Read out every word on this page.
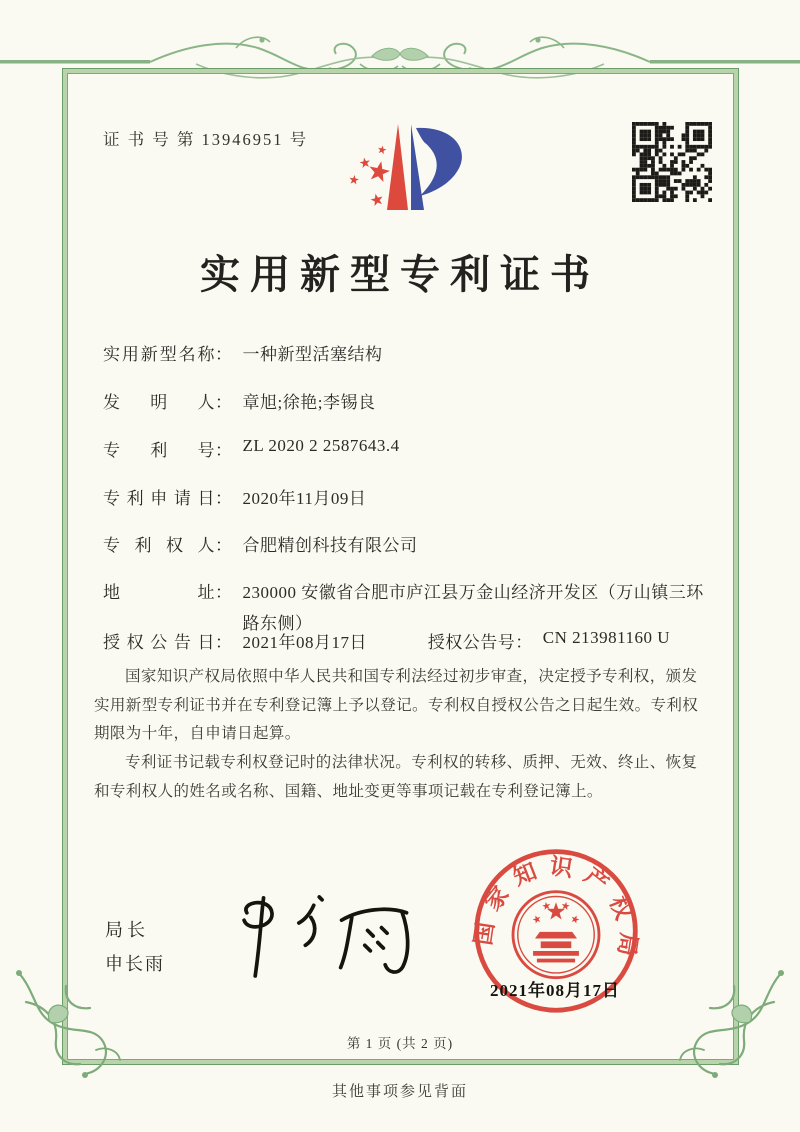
证 书 号 第 13946951 号
实用新型专利证书
实用新型名称： 一种新型活塞结构
发明人： 章旭;徐艳;李锡良
专利号： ZL 2020 2 2587643.4
专利申请日： 2020年11月09日
专利权人： 合肥精创科技有限公司
地址： 230000 安徽省合肥市庐江县万金山经济开发区（万山镇三环路东侧）
授权公告日： 2021年08月17日	授权公告号： CN 213981160 U

国家知识产权局依照中华人民共和国专利法经过初步审查，决定授予专利权，颁发实用新型专利证书并在专利登记簿上予以登记。专利权自授权公告之日起生效。专利权期限为十年，自申请日起算。

专利证书记载专利权登记时的法律状况。专利权的转移、质押、无效、终止、恢复和专利权人的姓名或名称、国籍、地址变更等事项记载在专利登记簿上。

局长
申长雨
国家知识产权局
2021年08月17日
第 1 页 (共 2 页)
其他事项参见背面
